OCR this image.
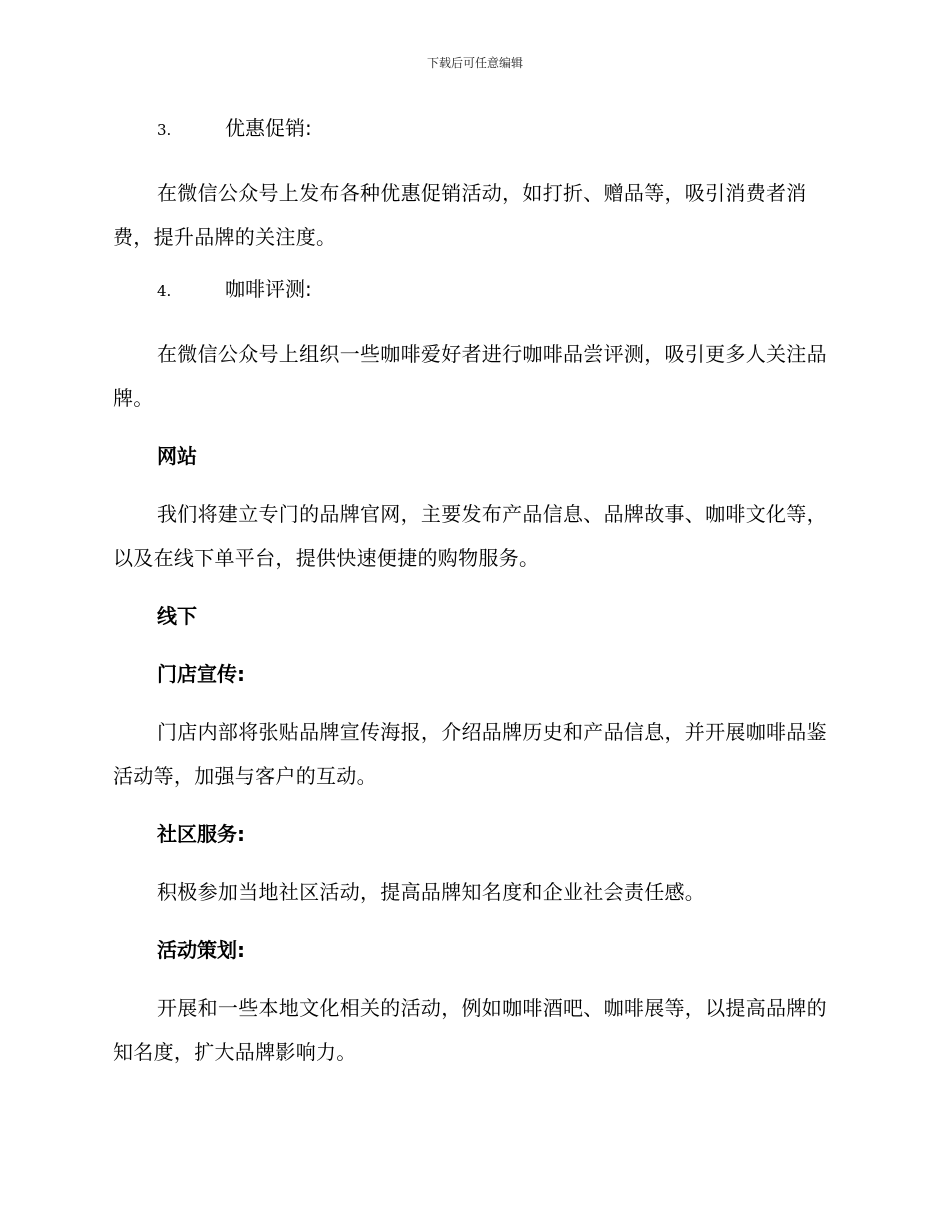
下载后可任意编辑
3.	优惠促销:

在微信公众号上发布各种优惠促销活动，如打折、赠品等，吸引消费者消费，提升品牌的关注度。

4.	咖啡评测:

在微信公众号上组织一些咖啡爱好者进行咖啡品尝评测，吸引更多人关注品牌。

网站

我们将建立专门的品牌官网，主要发布产品信息、品牌故事、咖啡文化等，以及在线下单平台，提供快速便捷的购物服务。

线下
门店宣传:

门店内部将张贴品牌宣传海报，介绍品牌历史和产品信息，并开展咖啡品鉴活动等，加强与客户的互动。

社区服务:

积极参加当地社区活动，提高品牌知名度和企业社会责任感。

活动策划:

开展和一些本地文化相关的活动，例如咖啡酒吧、咖啡展等，以提高品牌的知名度，扩大品牌影响力。
